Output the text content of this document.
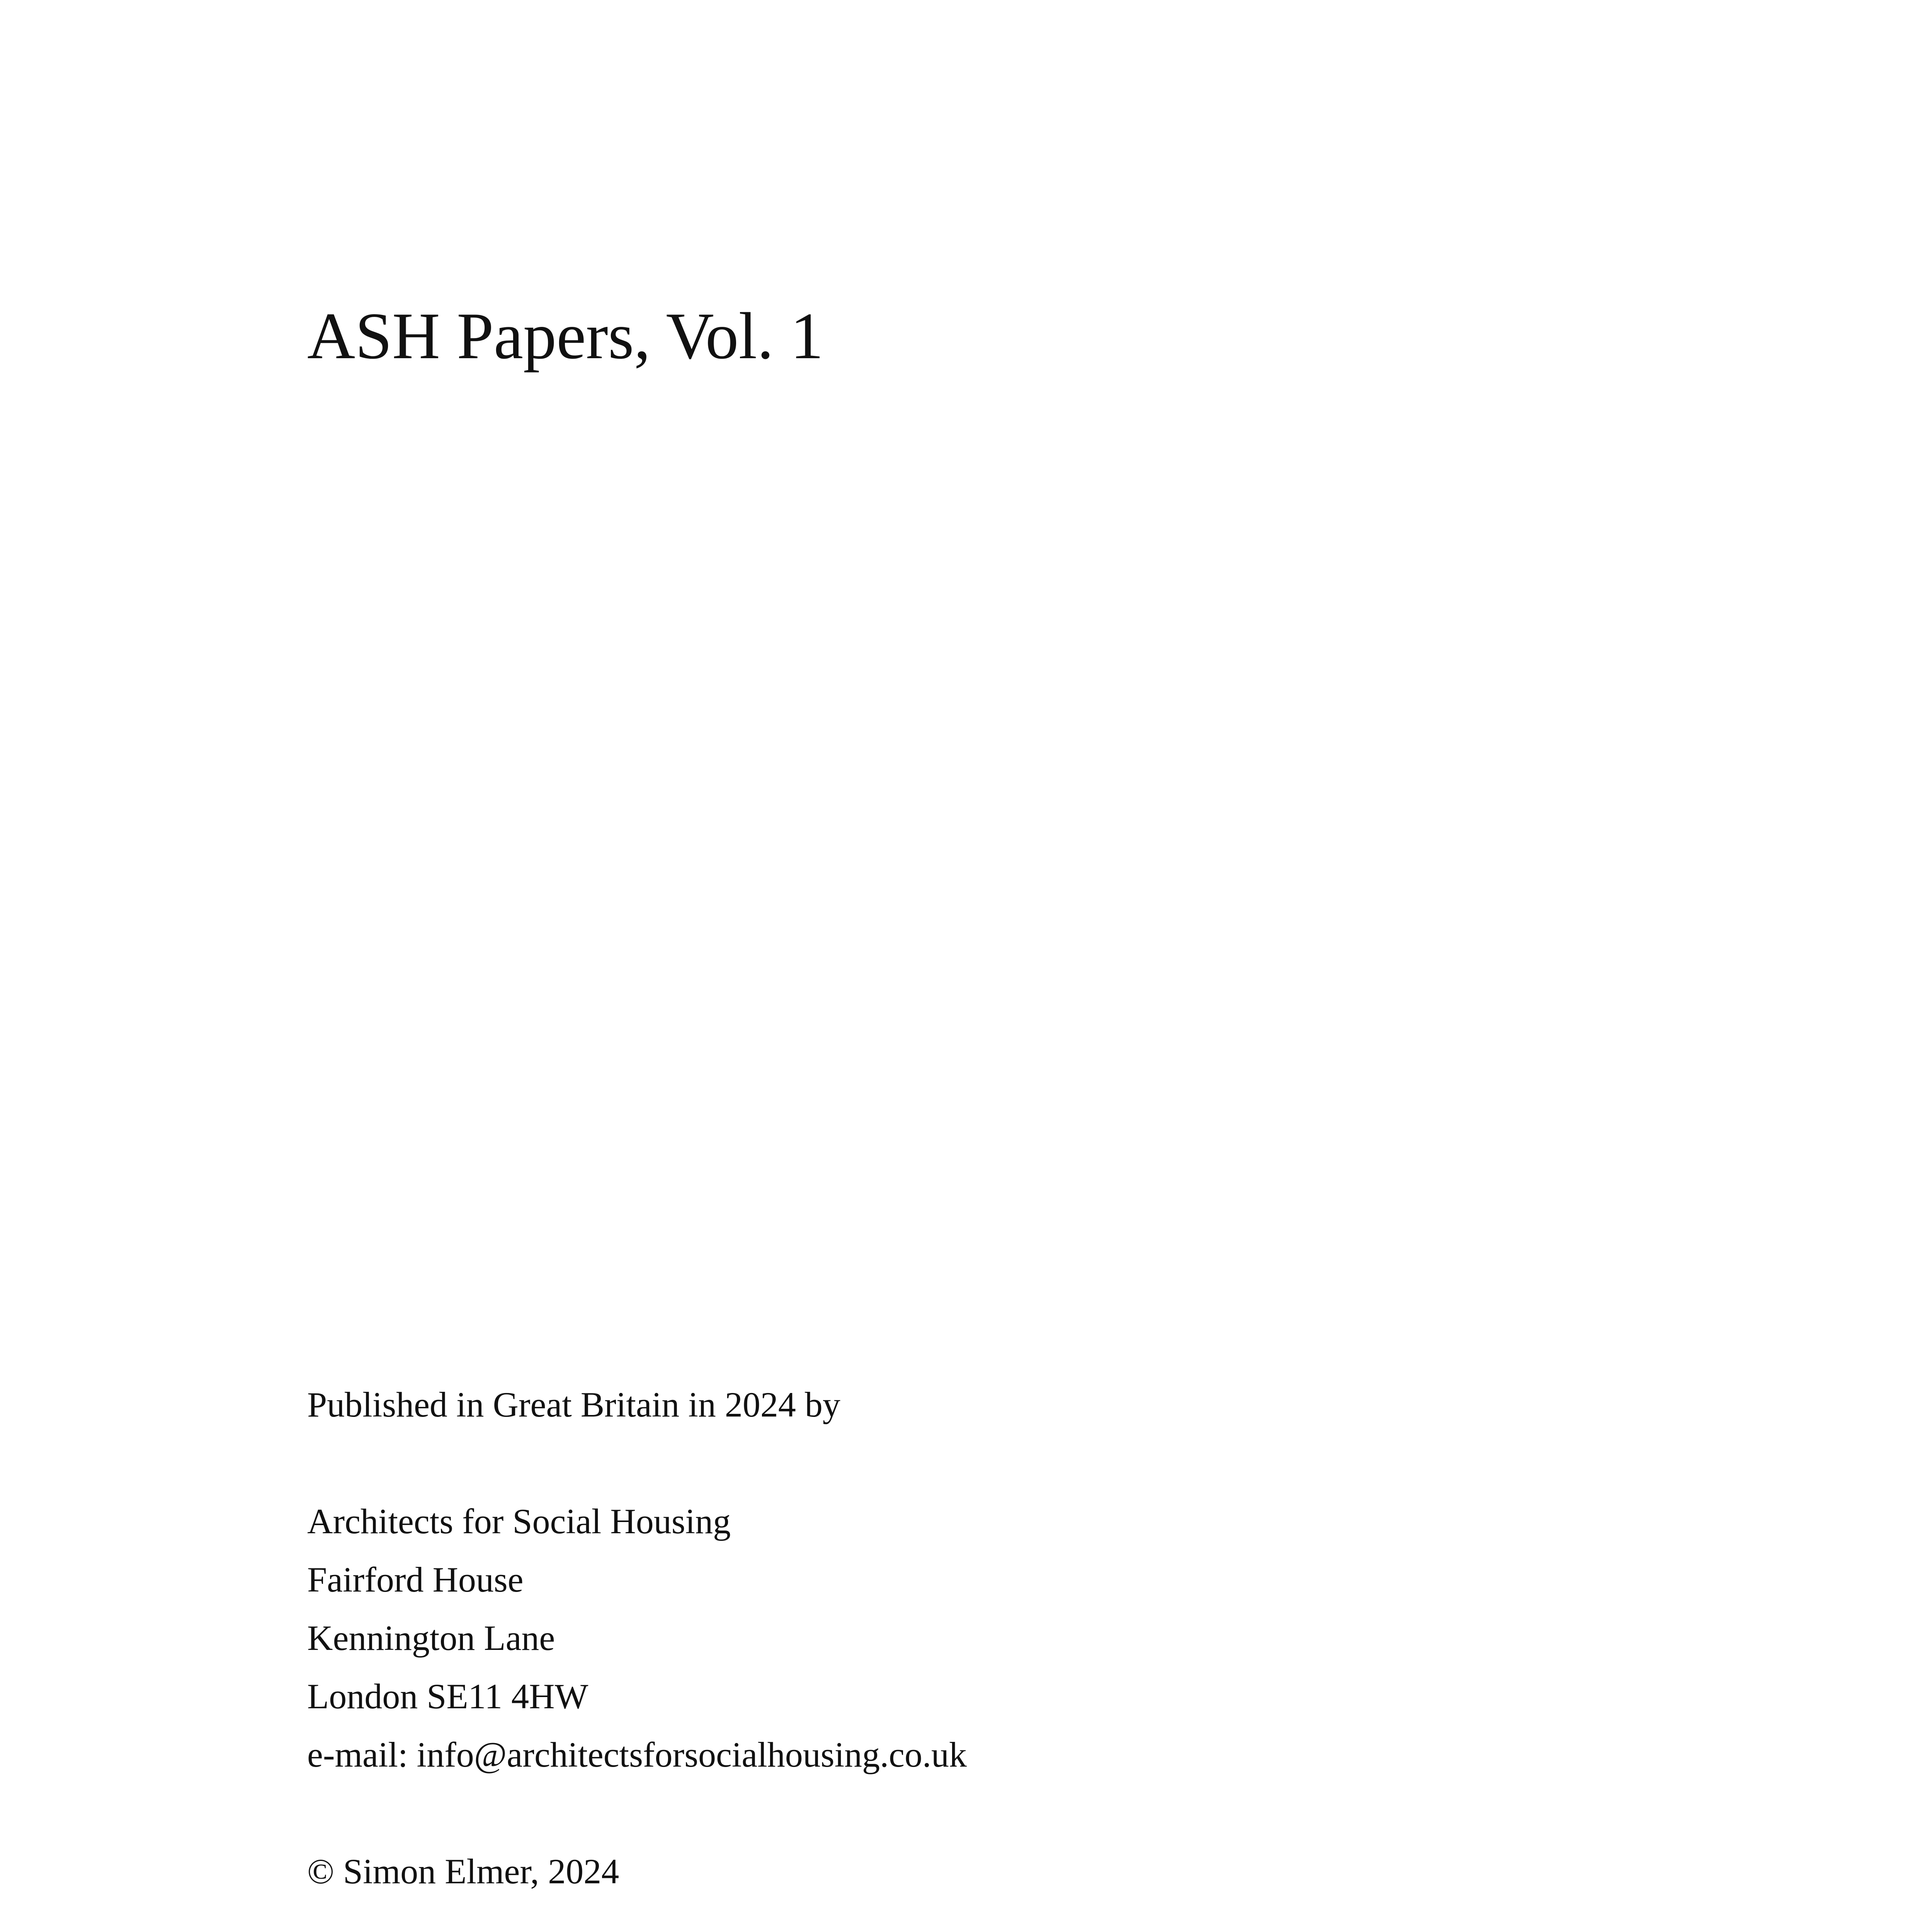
ASH Papers, Vol. 1
Published in Great Britain in 2024 by
Architects for Social Housing
Fairford House
Kennington Lane
London SE11 4HW
e-mail: info@architectsforsocialhousing.co.uk
© Simon Elmer, 2024
